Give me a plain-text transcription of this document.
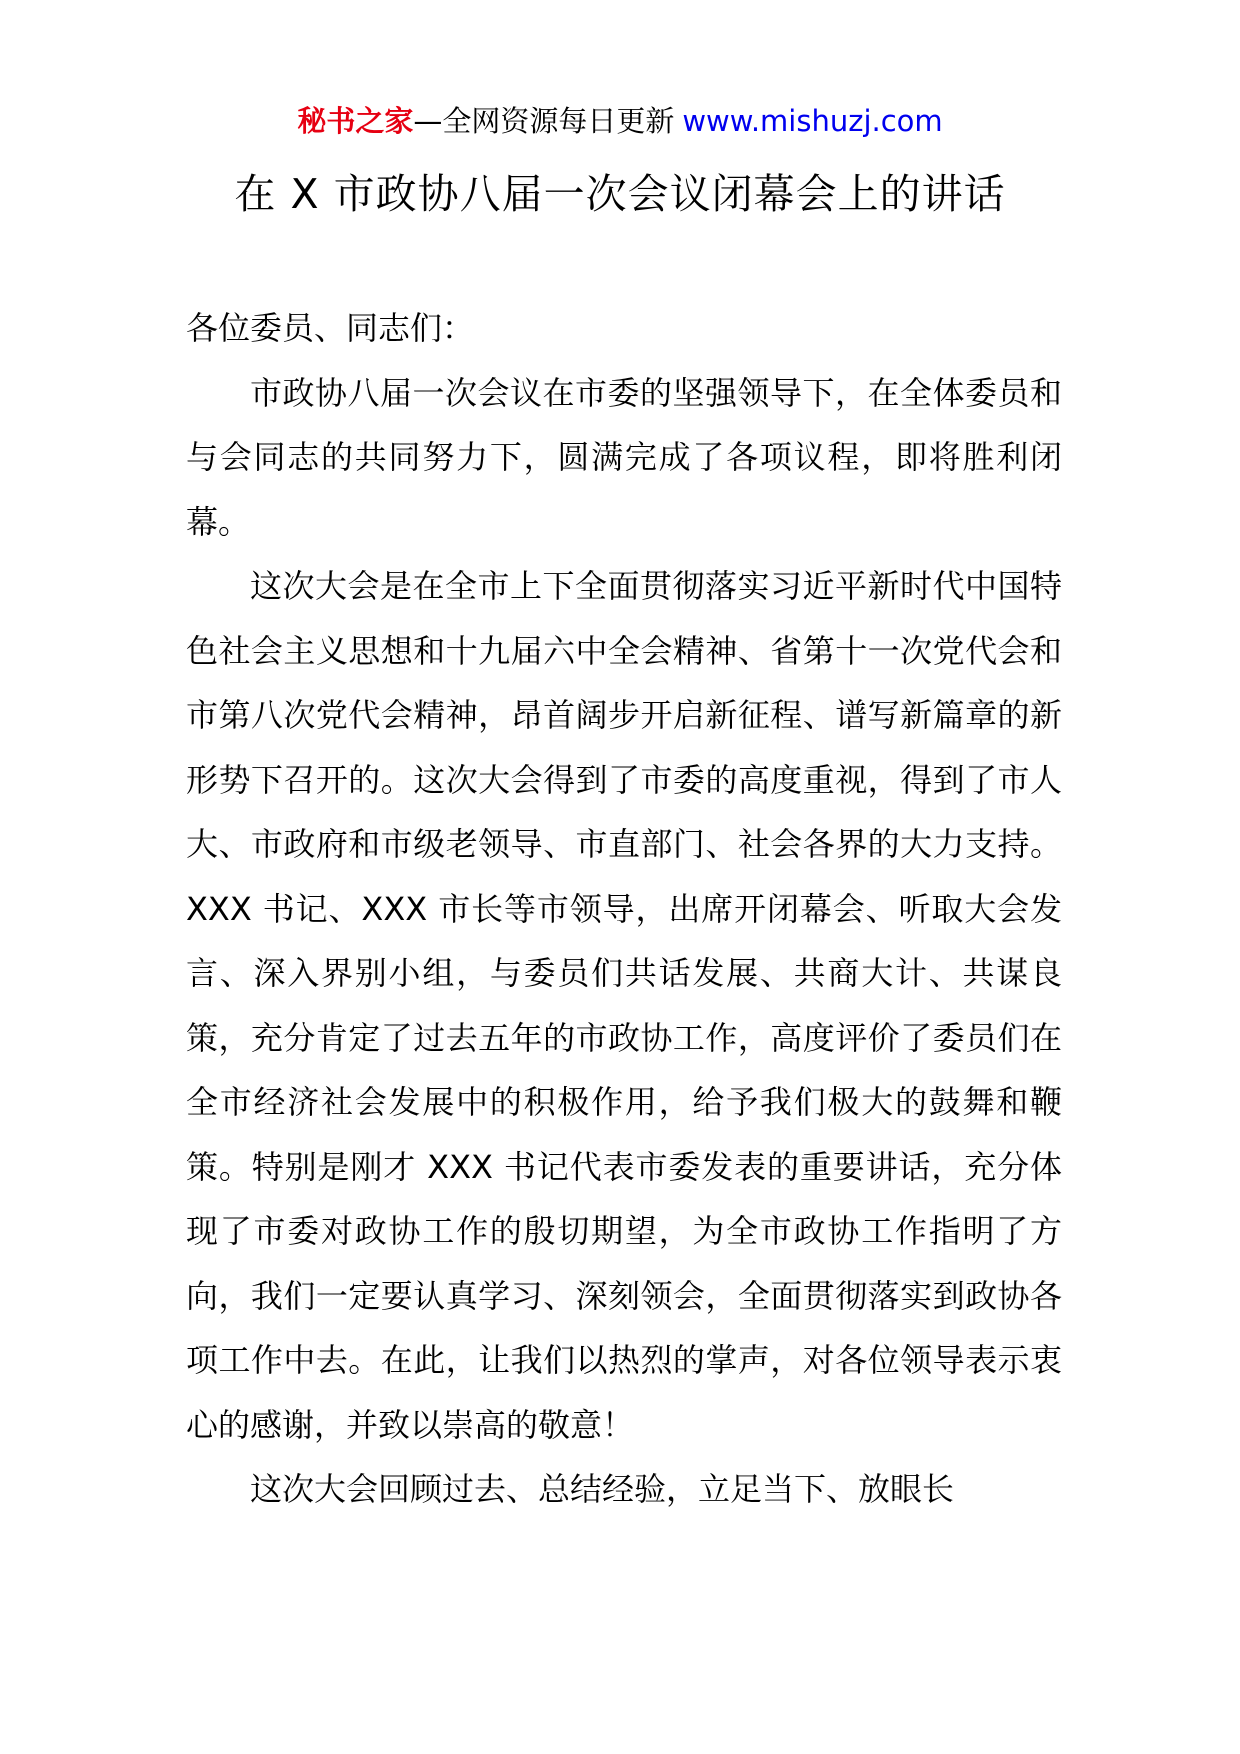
秘书之家—全网资源每日更新 www.mishuzj.com
在 X 市政协八届一次会议闭幕会上的讲话

各位委员、同志们：

市政协八届一次会议在市委的坚强领导下，在全体委员和与会同志的共同努力下，圆满完成了各项议程，即将胜利闭幕。

这次大会是在全市上下全面贯彻落实习近平新时代中国特色社会主义思想和十九届六中全会精神、省第十一次党代会和市第八次党代会精神，昂首阔步开启新征程、谱写新篇章的新形势下召开的。这次大会得到了市委的高度重视，得到了市人大、市政府和市级老领导、市直部门、社会各界的大力支持。XXX 书记、XXX 市长等市领导，出席开闭幕会、听取大会发言、深入界别小组，与委员们共话发展、共商大计、共谋良策，充分肯定了过去五年的市政协工作，高度评价了委员们在全市经济社会发展中的积极作用，给予我们极大的鼓舞和鞭策。特别是刚才 XXX 书记代表市委发表的重要讲话，充分体现了市委对政协工作的殷切期望，为全市政协工作指明了方向，我们一定要认真学习、深刻领会，全面贯彻落实到政协各项工作中去。在此，让我们以热烈的掌声，对各位领导表示衷心的感谢，并致以崇高的敬意！

这次大会回顾过去、总结经验，立足当下、放眼长
